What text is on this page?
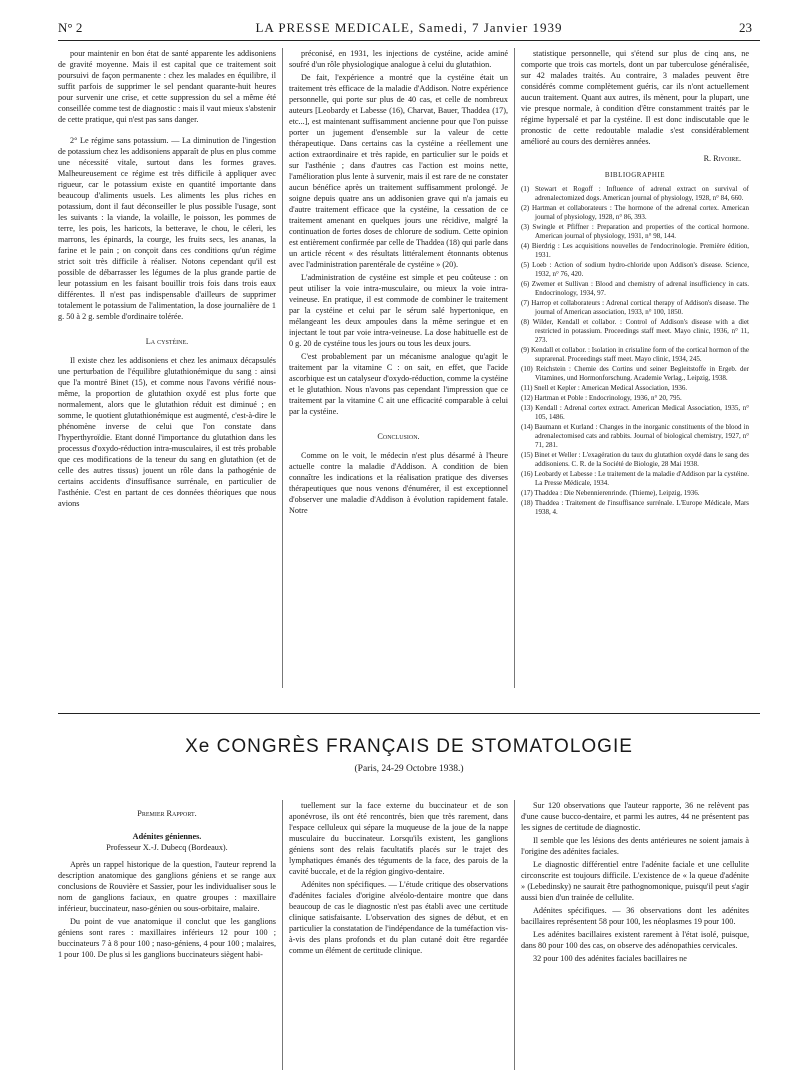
N° 2	LA PRESSE MEDICALE, Samedi, 7 Janvier 1939	23

pour maintenir en bon état de santé apparente les addisoniens de gravité moyenne. Mais il est capital que ce traitement soit poursuivi de façon permanente : chez les malades en équilibre, il suffit parfois de supprimer le sel pendant quarante-huit heures pour survenir une crise, et cette suppression du sel a même été conseillée comme test de diagnostic : mais il vaut mieux s'abstenir de cette pratique, qui n'est pas sans danger.

2° Le régime sans potassium. — La diminution de l'ingestion de potassium chez les addisoniens apparaît de plus en plus comme une nécessité vitale, surtout dans les formes graves. Malheureusement ce régime est très difficile à appliquer avec rigueur, car le potassium existe en quantité importante dans beaucoup d'aliments usuels. Les aliments les plus riches en potassium, dont il faut déconseiller le plus possible l'usage, sont les suivants : la viande, la volaille, le poisson, les pommes de terre, les pois, les haricots, la betterave, le chou, le céleri, les marrons, les épinards, la courge, les fruits secs, les ananas, la farine et le pain ; on conçoit dans ces conditions qu'un régime strict soit très difficile à réaliser. Notons cependant qu'il est possible de débarrasser les légumes de la plus grande partie de leur potassium en les faisant bouillir trois fois dans trois eaux différentes. Il n'est pas indispensable d'ailleurs de supprimer totalement le potassium de l'alimentation, la dose journalière de 1 g. 50 à 2 g. semble d'ordinaire tolérée.

La cystéine.

Il existe chez les addisoniens et chez les animaux décapsulés une perturbation de l'équilibre glutathionémique du sang : ainsi que l'a montré Binet (15), et comme nous l'avons vérifié nous-même, la proportion de glutathion oxydé est plus forte que normalement, alors que le glutathion réduit est diminué ; en somme, le quotient glutathionémique est augmenté, c'est-à-dire le phénomène inverse de celui que l'on constate dans l'hyperthyroïdie. Etant donné l'importance du glutathion dans les processus d'oxydo-réduction intra-musculaires, il est très probable que ces modifications de la teneur du sang en glutathion (et de celle des autres tissus) jouent un rôle dans la pathogénie de certains accidents d'insuffisance surrénale, en particulier de l'asthénie. C'est en partant de ces données théoriques que nous avions

préconisé, en 1931, les injections de cystéine, acide aminé soufré d'un rôle physiologique analogue à celui du glutathion.

De fait, l'expérience a montré que la cystéine était un traitement très efficace de la maladie d'Addison. Notre expérience personnelle, qui porte sur plus de 40 cas, et celle de nombreux auteurs [Leobardy et Labesse (16), Charvat, Bauer, Thaddea (17), etc...], est maintenant suffisamment ancienne pour que l'on puisse porter un jugement d'ensemble sur la valeur de cette thérapeutique. Dans certains cas la cystéine a réellement une action extraordinaire et très rapide, en particulier sur le poids et sur l'asthénie ; dans d'autres cas l'action est moins nette, l'amélioration plus lente à survenir, mais il est rare de ne constater aucun bénéfice après un traitement suffisamment prolongé. Je soigne depuis quatre ans un addisonien grave qui n'a jamais eu d'autre traitement efficace que la cystéine, la cessation de ce traitement amenant en quelques jours une récidive, malgré la continuation de fortes doses de chlorure de sodium. Cette opinion est entièrement confirmée par celle de Thaddea (18) qui parle dans un article récent « des résultats littéralement étonnants obtenus avec l'administration parentérale de cystéine » (20).

L'administration de cystéine est simple et peu coûteuse : on peut utiliser la voie intra-musculaire, ou mieux la voie intra-veineuse. En pratique, il est commode de combiner le traitement par la cystéine et celui par le sérum salé hypertonique, en mélangeant les deux ampoules dans la même seringue et en injectant le tout par voie intra-veineuse. La dose habituelle est de 0 g. 20 de cystéine tous les jours ou tous les deux jours.

C'est probablement par un mécanisme analogue qu'agit le traitement par la vitamine C : on sait, en effet, que l'acide ascorbique est un catalyseur d'oxydo-réduction, comme la cystéine et le glutathion. Nous n'avons pas cependant l'impression que ce traitement par la vitamine C ait une efficacité comparable à celui par la cystéine.

Conclusion.

Comme on le voit, le médecin n'est plus désarmé à l'heure actuelle contre la maladie d'Addison. A condition de bien connaître les indications et la réalisation pratique des diverses thérapeutiques que nous venons d'énumérer, il est exceptionnel d'observer une maladie d'Addison à évolution rapidement fatale. Notre

statistique personnelle, qui s'étend sur plus de cinq ans, ne comporte que trois cas mortels, dont un par tuberculose généralisée, sur 42 malades traités. Au contraire, 3 malades peuvent être considérés comme complètement guéris, car ils n'ont actuellement aucun traitement. Quant aux autres, ils mènent, pour la plupart, une vie presque normale, à condition d'être constamment traités par le régime hypersalé et par la cystéine. Il est donc indiscutable que le pronostic de cette redoutable maladie s'est considérablement amélioré au cours des dernières années.

R. Rivoire.

BIBLIOGRAPHIE

(1) Stewart et Rogoff : Influence of adrenal extract on survival of adrenalectomized dogs. American journal of physiology, 1928, n° 84, 660.

(2) Hartman et collaborateurs : The hormone of the adrenal cortex. American journal of physiology, 1928, n° 86, 393.

(3) Swingle et Pfiffner : Preparation and properties of the cortical hormone. American journal of physiology, 1931, n° 98, 144.

(4) Bierdrig : Les acquisitions nouvelles de l'endocrinologie. Première édition, 1931.

(5) Loeb : Action of sodium hydro-chloride upon Addison's disease. Science, 1932, n° 76, 420.

(6) Zwemer et Sullivan : Blood and chemistry of adrenal insufficiency in cats. Endocrinology, 1934, 97.

(7) Harrop et collaborateurs : Adrenal cortical therapy of Addison's disease. The journal of American association, 1933, n° 100, 1850.

(8) Wilder, Kendall et collabor. : Control of Addison's disease with a diet restricted in potassium. Proceedings staff meet. Mayo clinic, 1936, n° 11, 273.

(9) Kendall et collabor. : Isolation in cristaline form of the cortical hormon of the suprarenal. Proceedings staff meet. Mayo clinic, 1934, 245.

(10) Reichstein : Chemie des Cortins und seiner Begleitstoffe in Ergeb. der Vitamines, und Hormonforschung. Academie Verlag., Leipzig, 1938.

(11) Snell et Kepler : American Medical Association, 1936.

(12) Hartman et Poble : Endocrinology, 1936, n° 20, 795.

(13) Kendall : Adrenal cortex extract. American Medical Association, 1935, n° 105, 1486.

(14) Baumann et Kurland : Changes in the inorganic constituents of the blood in adrenalectomised cats and rabbits. Journal of biological chemistry, 1927, n° 71, 281.

(15) Binet et Weller : L'exagération du taux du glutathion oxydé dans le sang des addisoniens. C. R. de la Société de Biologie, 28 Mai 1938.

(16) Leobardy et Labesse : Le traitement de la maladie d'Addison par la cystéine. La Presse Médicale, 1934.

(17) Thaddea : Die Nebennierenrinde. (Thieme), Leipzig, 1936.

(18) Thaddea : Traitement de l'insuffisance surrénale. L'Europe Médicale, Mars 1938, 4.

Xe CONGRÈS FRANÇAIS DE STOMATOLOGIE
(Paris, 24-29 Octobre 1938.)

Premier Rapport.

Adénites géniennes.

Professeur X.-J. Dubecq (Bordeaux).

Après un rappel historique de la question, l'auteur reprend la description anatomique des ganglions géniens et se range aux conclusions de Rouvière et Sassier, pour les individualiser sous le nom de ganglions faciaux, en quatre groupes : maxillaire inférieur, buccinateur, naso-génien ou sous-orbitaire, malaire.

Du point de vue anatomique il conclut que les ganglions géniens sont rares : maxillaires inférieurs 12 pour 100 ; buccinateurs 7 à 8 pour 100 ; naso-géniens, 4 pour 100 ; malaires, 1 pour 100. De plus si les ganglions buccinateurs siègent habi-

tuellement sur la face externe du buccinateur et de son aponévrose, ils ont été rencontrés, bien que très rarement, dans l'espace celluleux qui sépare la muqueuse de la joue de la nappe musculaire du buccinateur. Lorsqu'ils existent, les ganglions géniens sont des relais facultatifs placés sur le trajet des lymphatiques émanés des téguments de la face, des parois de la cavité buccale, et de la région gingivo-dentaire.

Adénites non spécifiques. — L'étude critique des observations d'adénites faciales d'origine alvéolo-dentaire montre que dans beaucoup de cas le diagnostic n'est pas établi avec une certitude clinique satisfaisante. L'observation des signes de début, et en particulier la constatation de l'indépendance de la tuméfaction vis-à-vis des plans profonds et du plan cutané doit être regardée comme un élément de certitude clinique.

Sur 120 observations que l'auteur rapporte, 36 ne relèvent pas d'une cause bucco-dentaire, et parmi les autres, 44 ne présentent pas les signes de certitude de diagnostic.

Il semble que les lésions des dents antérieures ne soient jamais à l'origine des adénites faciales.

Le diagnostic différentiel entre l'adénite faciale et une cellulite circonscrite est toujours difficile. L'existence de « la queue d'adénite » (Lebedinsky) ne saurait être pathognomonique, puisqu'il peut s'agir aussi bien d'un trainée de cellulite.

Adénites spécifiques. — 36 observations dont les adénites bacillaires représentent 58 pour 100, les néoplasmes 19 pour 100.

Les adénites bacillaires existent rarement à l'état isolé, puisque, dans 80 pour 100 des cas, on observe des adénopathies cervicales.

32 pour 100 des adénites faciales bacillaires ne
